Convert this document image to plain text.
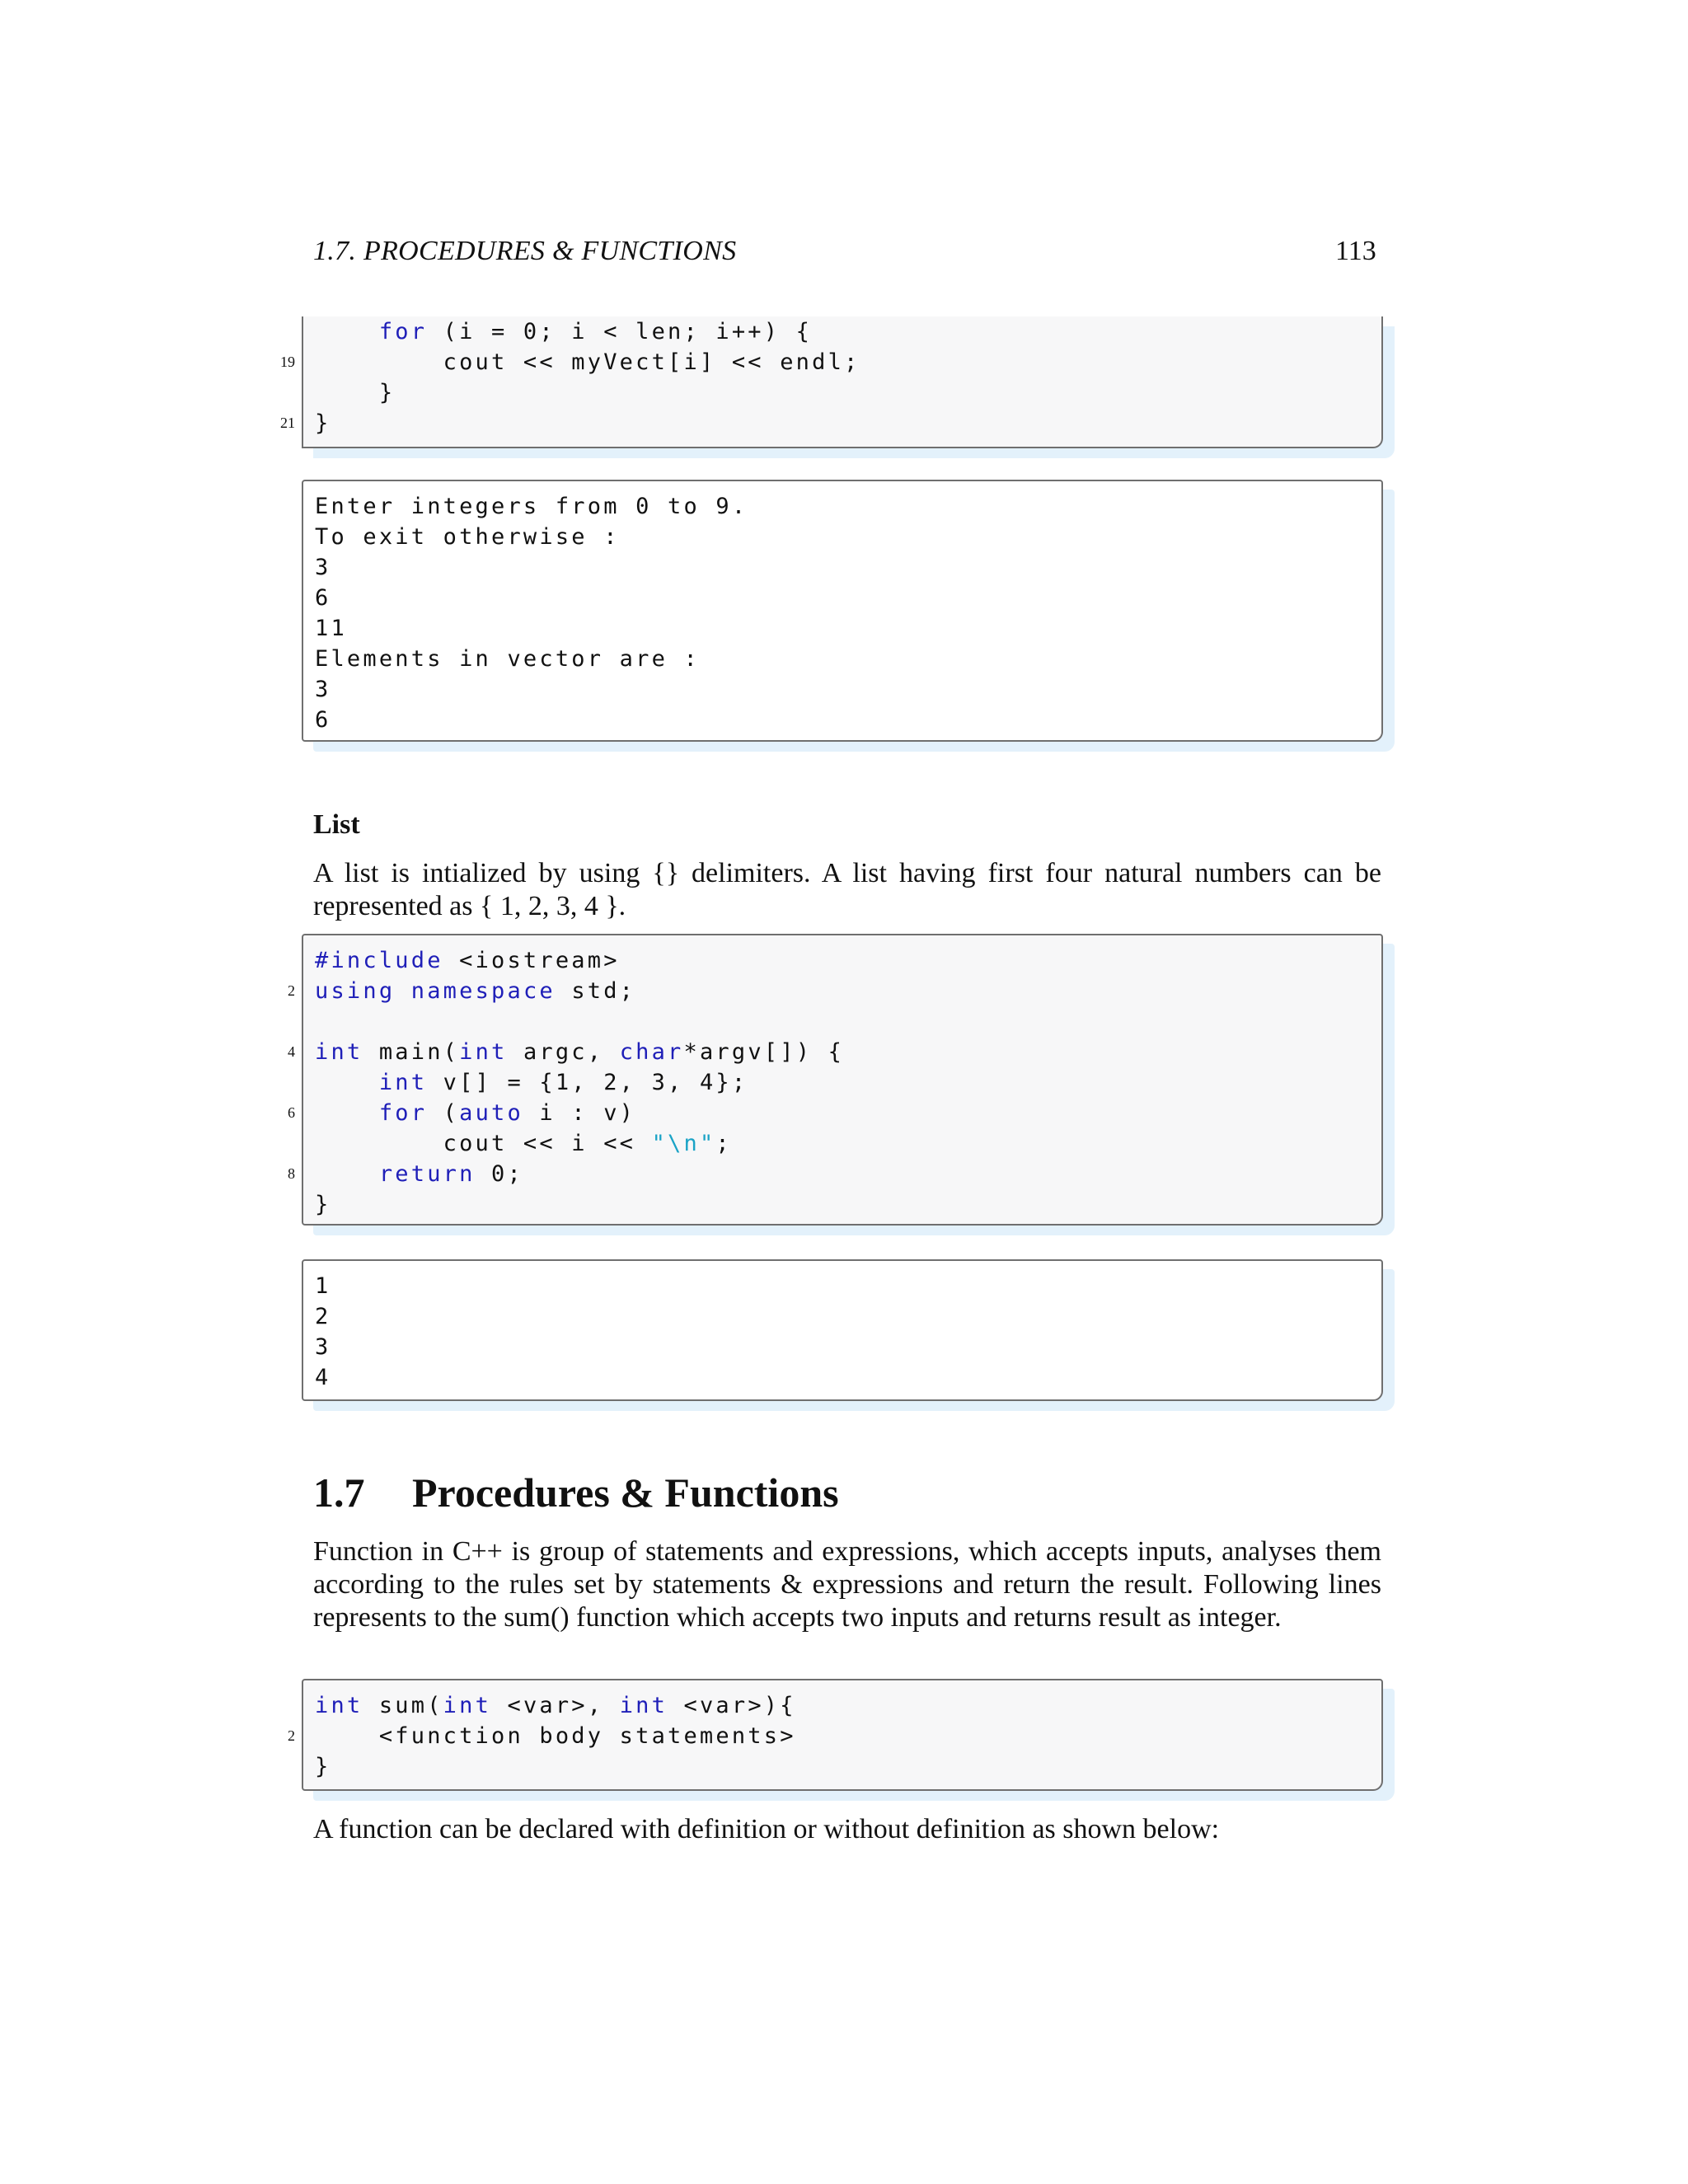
1.7. PROCEDURES & FUNCTIONS	113
for (i = 0; i < len; i++) {
19 cout << myVect[i] << endl;
}
21 }
Enter integers from 0 to 9.
To exit otherwise :
3
6
11
Elements in vector are :
3
6
List
A list is intialized by using {} delimiters. A list having first four natural numbers can be represented as { 1, 2, 3, 4 }.
#include <iostream>
2 using namespace std;
4 int main(int argc, char*argv[]) {
int v[] = {1, 2, 3, 4};
6	for (auto i : v)
cout << i << "\n";
8	return 0;
}
1
2
3
4
1.7 Procedures & Functions
Function in C++ is group of statements and expressions, which accepts inputs, analyses them according to the rules set by statements & expressions and return the result. Following lines represents to the sum() function which accepts two inputs and returns result as integer.
int sum(int <var>, int <var>){
2 <function body statements>
}
A function can be declared with definition or without definition as shown below:
